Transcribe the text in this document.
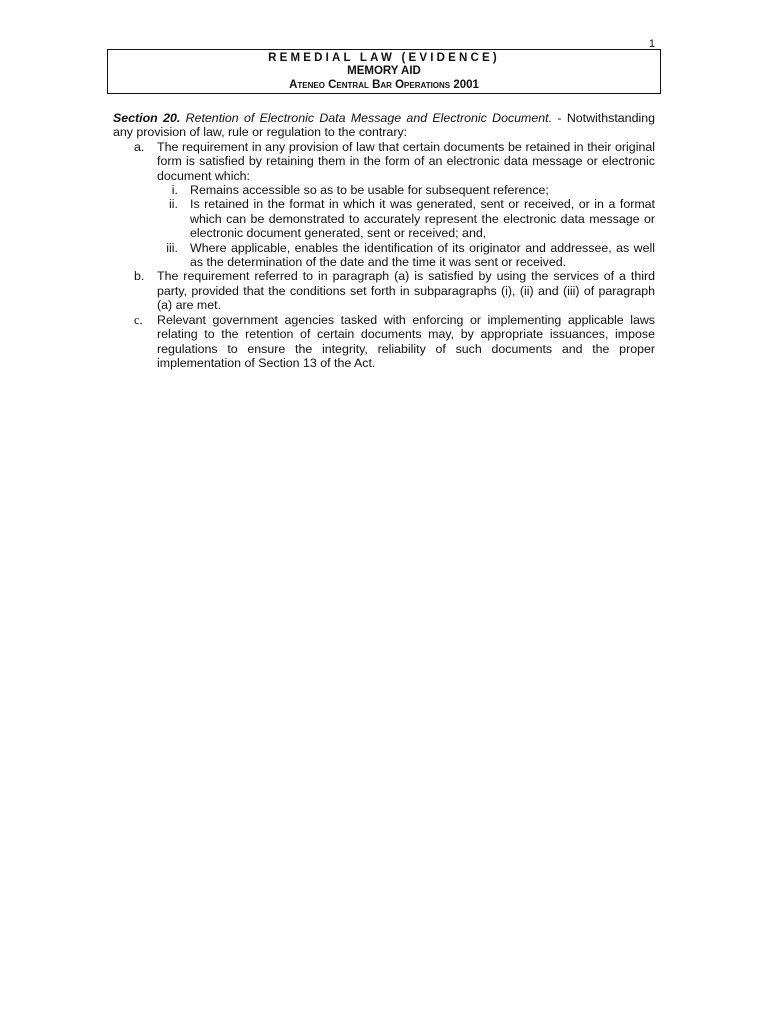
1
REMEDIAL LAW (EVIDENCE)
MEMORY AID
Ateneo Central Bar Operations 2001

Section 20. Retention of Electronic Data Message and Electronic Document. - Notwithstanding any provision of law, rule or regulation to the contrary:

a.	The requirement in any provision of law that certain documents be retained in their original form is satisfied by retaining them in the form of an electronic data message or electronic document which:
i. Remains accessible so as to be usable for subsequent reference;
ii. Is retained in the format in which it was generated, sent or received, or in a format which can be demonstrated to accurately represent the electronic data message or electronic document generated, sent or received; and,
iii. Where applicable, enables the identification of its originator and addressee, as well as the determination of the date and the time it was sent or received.
b.	The requirement referred to in paragraph (a) is satisfied by using the services of a third party, provided that the conditions set forth in subparagraphs (i), (ii) and (iii) of paragraph (a) are met.
c.	Relevant government agencies tasked with enforcing or implementing applicable laws relating to the retention of certain documents may, by appropriate issuances, impose regulations to ensure the integrity, reliability of such documents and the proper implementation of Section 13 of the Act.
